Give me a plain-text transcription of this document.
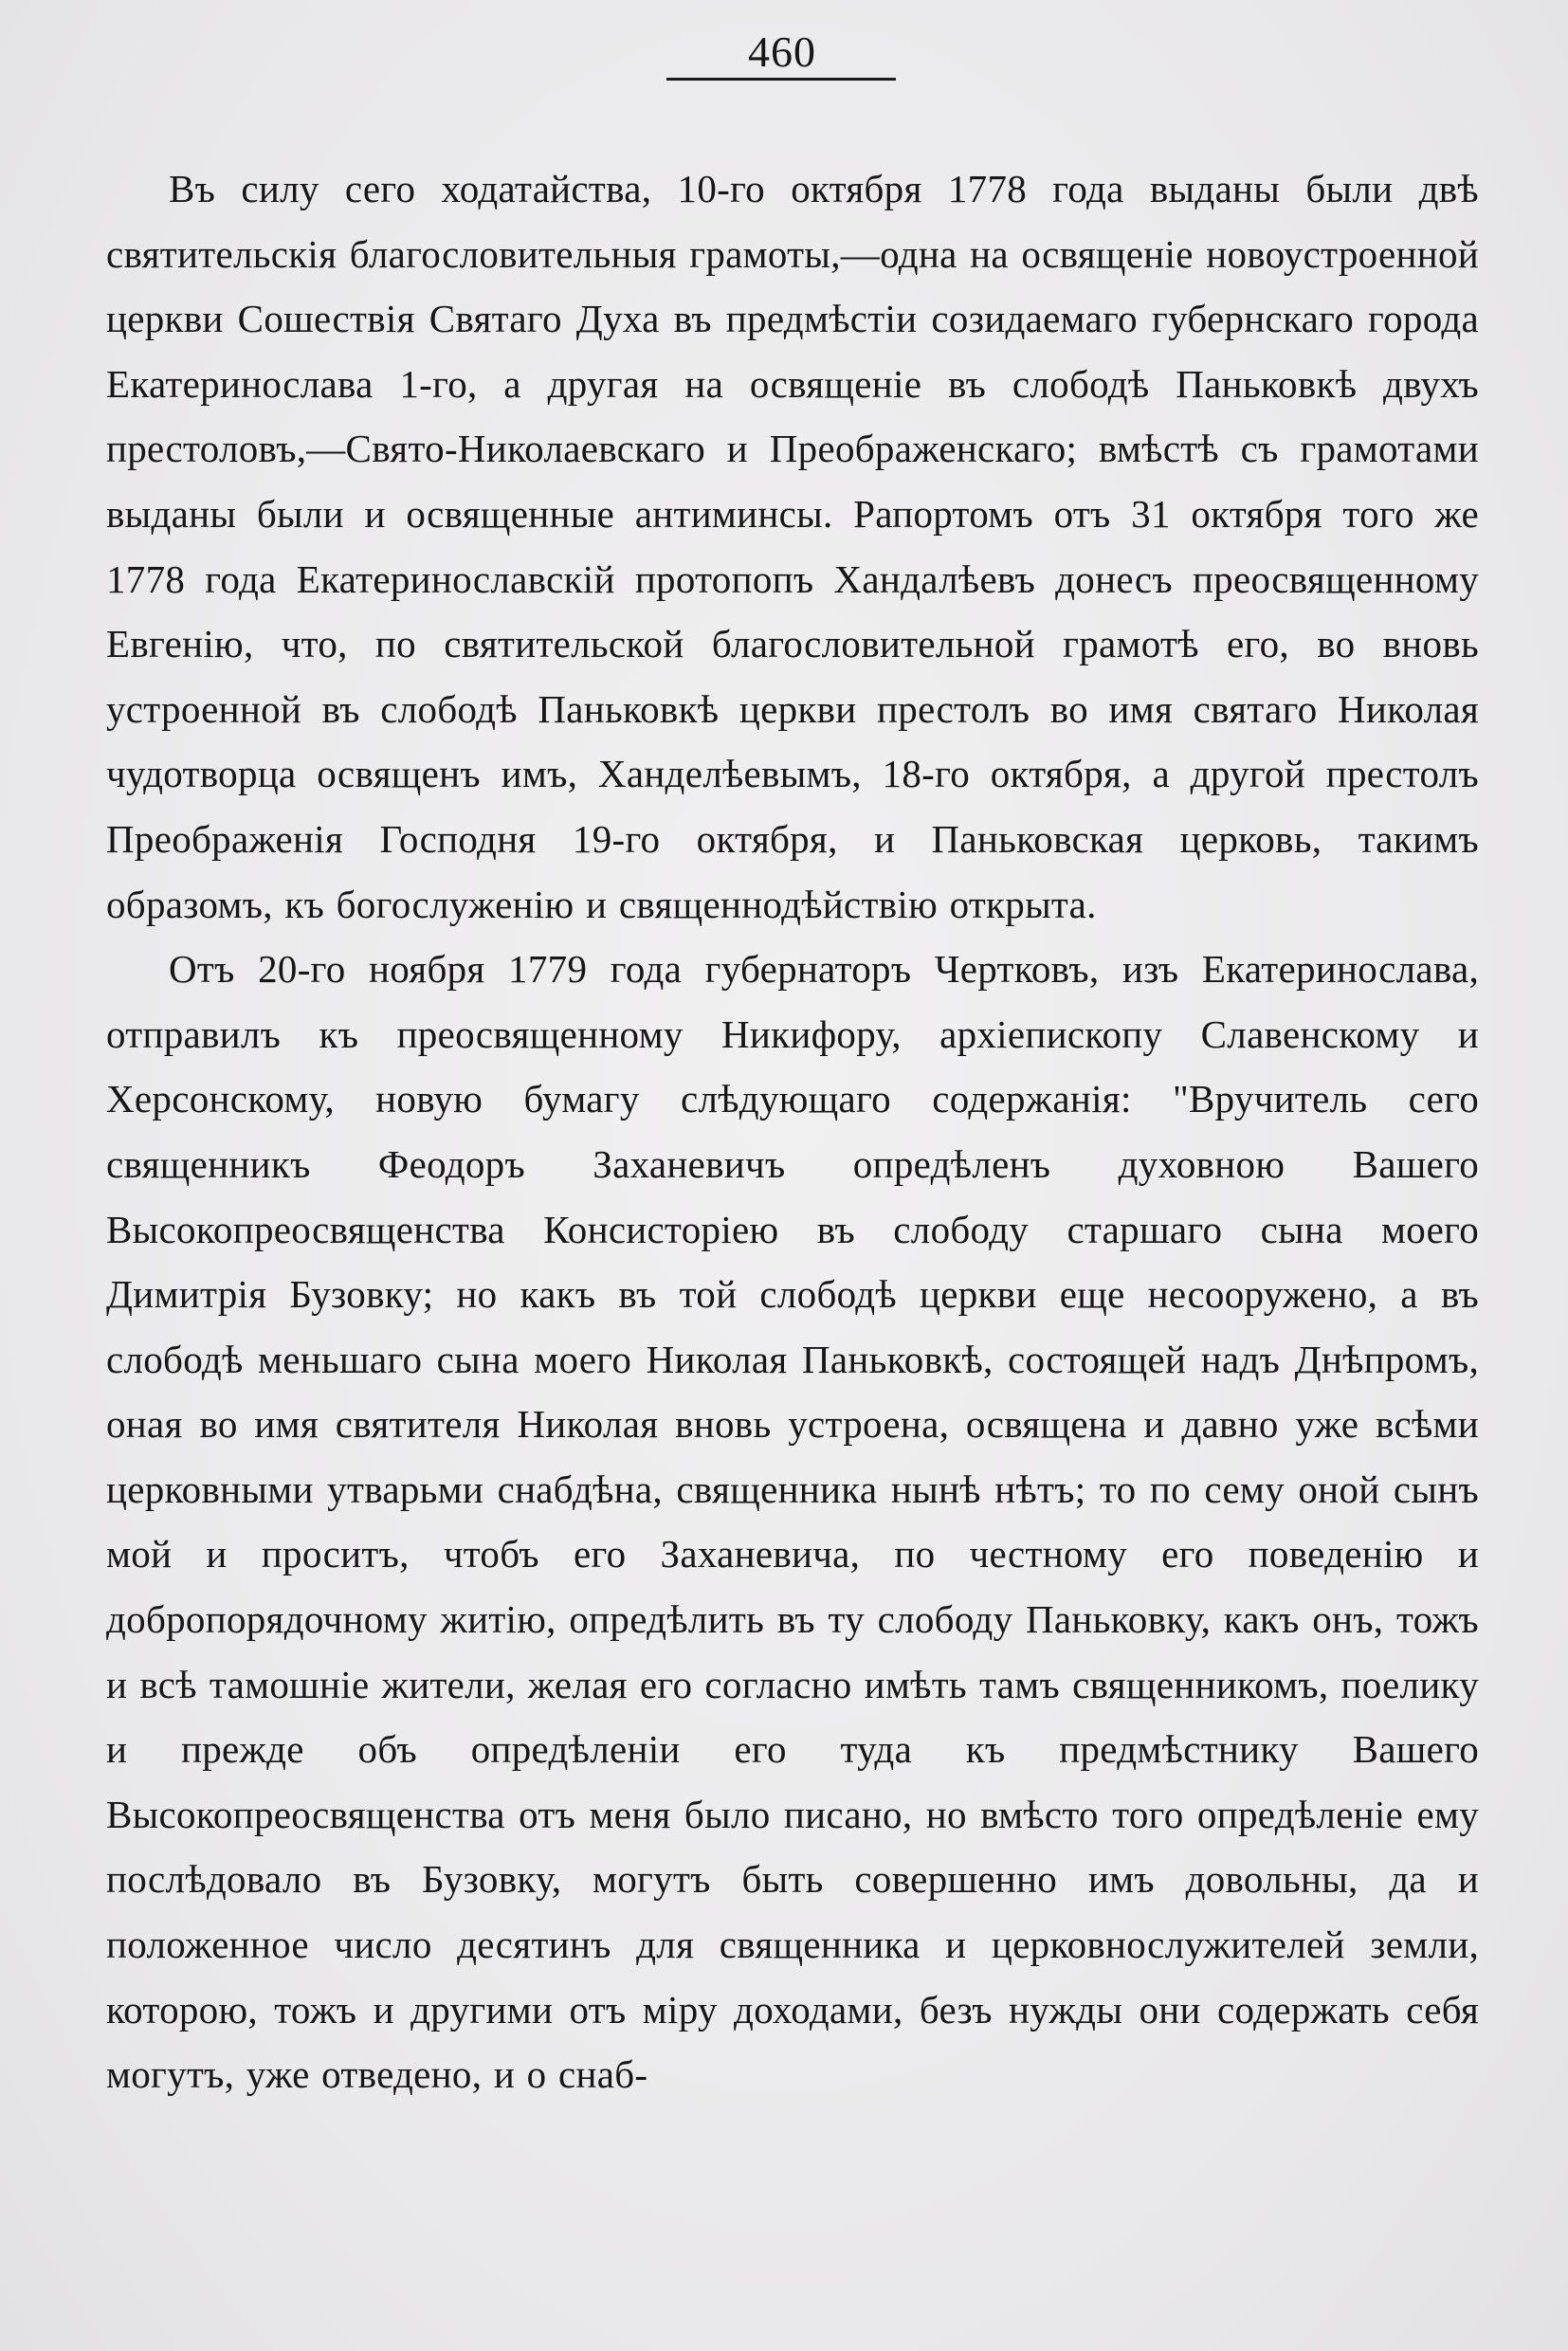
460

Въ силу сего ходатайства, 10-го октября 1778 года выданы были двѣ святительскія благословительныя грамоты,—одна на освященіе новоустроенной церкви Сошествія Святаго Духа въ предмѣстіи созидаемаго губернскаго города Екатеринослава 1-го, а другая на освященіе въ слободѣ Паньковкѣ двухъ престоловъ,—Свято-Николаевскаго и Преображенскаго; вмѣстѣ съ грамотами выданы были и освященные антиминсы. Рапортомъ отъ 31 октября того же 1778 года Екатеринославскій протопопъ Хандалѣевъ донесъ преосвященному Евгенію, что, по святительской благословительной грамотѣ его, во вновь устроенной въ слободѣ Паньковкѣ церкви престолъ во имя святаго Николая чудотворца освященъ имъ, Ханделѣевымъ, 18-го октября, а другой престолъ Преображенія Господня 19-го октября, и Паньковская церковь, такимъ образомъ, къ богослуженію и священнодѣйствію открыта.

Отъ 20-го ноября 1779 года губернаторъ Чертковъ, изъ Екатеринослава, отправилъ къ преосвященному Никифору, архіепископу Славенскому и Херсонскому, новую бумагу слѣдующаго содержанія: "Вручитель сего священникъ Феодоръ Заханевичъ опредѣленъ духовною Вашего Высокопреосвященства Консисторіею въ слободу старшаго сына моего Димитрія Бузовку; но какъ въ той слободѣ церкви еще несооружено, а въ слободѣ меньшаго сына моего Николая Паньковкѣ, состоящей надъ Днѣпромъ, оная во имя святителя Николая вновь устроена, освящена и давно уже всѣми церковными утварьми снабдѣна, священника нынѣ нѣтъ; то по сему оной сынъ мой и проситъ, чтобъ его Заханевича, по честному его поведенію и добропорядочному житію, опредѣлить въ ту слободу Паньковку, какъ онъ, тожъ и всѣ тамошніе жители, желая его согласно имѣть тамъ священникомъ, поелику и прежде объ опредѣленіи его туда къ предмѣстнику Вашего Высокопреосвященства отъ меня было писано, но вмѣсто того опредѣленіе ему послѣдовало въ Бузовку, могутъ быть совершенно имъ довольны, да и положенное число десятинъ для священника и церковнослужителей земли, которою, тожъ и другими отъ міру доходами, безъ нужды они содержать себя могутъ, уже отведено, и о снаб-
